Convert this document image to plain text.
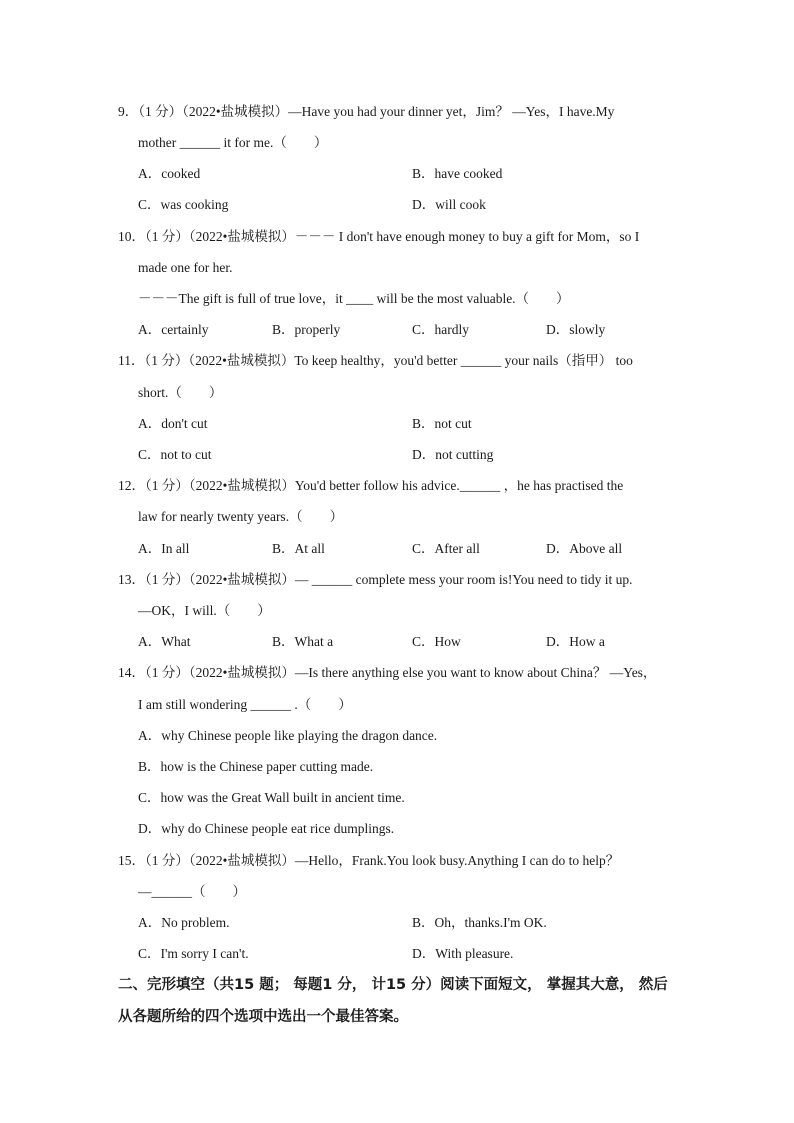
9．（1 分）（2022•盐城模拟）—Have you had your dinner yet，Jim？ —Yes，I have.My
mother ______ it for me.（　　）
A．cooked	B．have cooked
C．was cooking	D．will cook
10．（1 分）（2022•盐城模拟）－－－ I don't have enough money to buy a gift for Mom，so I
made one for her.
－－－The gift is full of true love，it ____ will be the most valuable.（　　）
A．certainly	B．properly	C．hardly	D．slowly
11．（1 分）（2022•盐城模拟）To keep healthy，you'd better ______ your nails（指甲） too
short.（　　）
A．don't cut	B．not cut
C．not to cut	D．not cutting
12．（1 分）（2022•盐城模拟）You'd better follow his advice.______ ，he has practised the
law for nearly twenty years.（　　）
A．In all	B．At all	C．After all	D．Above all
13．（1 分）（2022•盐城模拟）— ______ complete mess your room is!You need to tidy it up.
—OK，I will.（　　）
A．What	B．What a	C．How	D．How a
14．（1 分）（2022•盐城模拟）—Is there anything else you want to know about China？ —Yes，
I am still wondering ______ .（　　）
A．why Chinese people like playing the dragon dance.
B．how is the Chinese paper cutting made.
C．how was the Great Wall built in ancient time.
D．why do Chinese people eat rice dumplings.
15．（1 分）（2022•盐城模拟）—Hello，Frank.You look busy.Anything I can do to help？
—______（　　）
A．No problem.	B．Oh，thanks.I'm OK.
C．I'm sorry I can't.	D．With pleasure.
二、完形填空（共15 题； 每题1 分， 计15 分）阅读下面短文， 掌握其大意， 然后从各题所给的四个选项中选出一个最佳答案。
